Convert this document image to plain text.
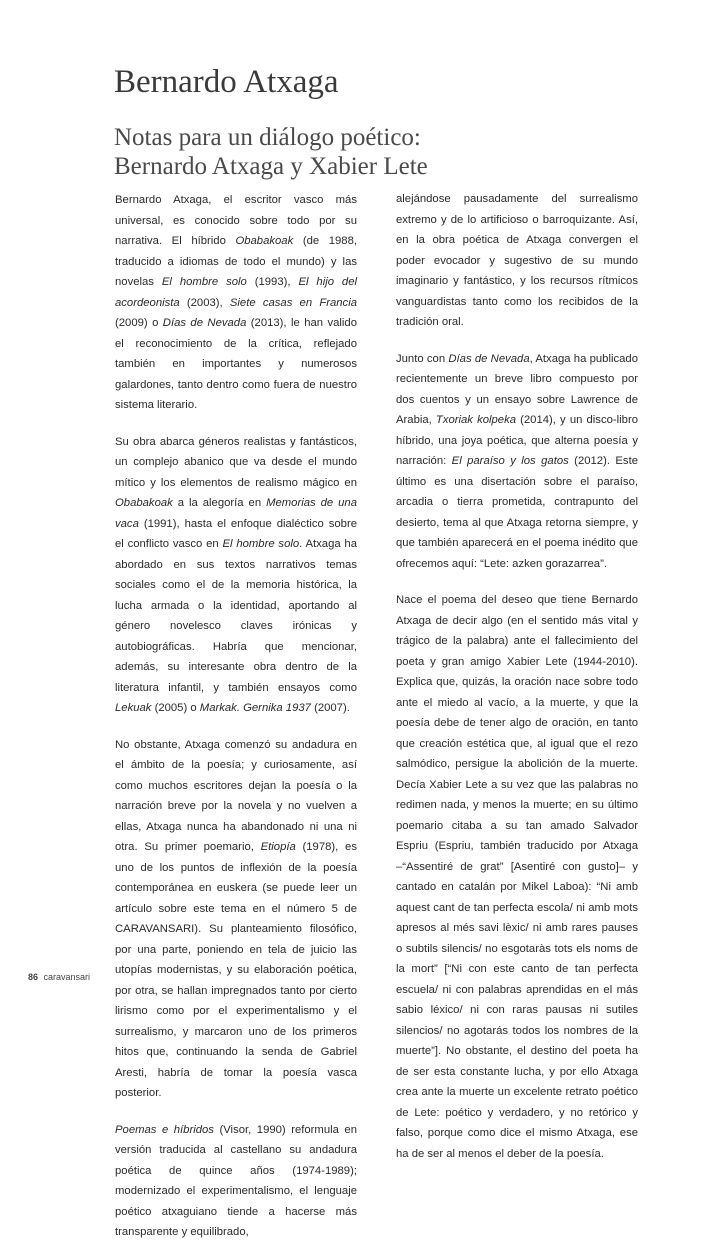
Bernardo Atxaga
Notas para un diálogo poético:
Bernardo Atxaga y Xabier Lete

Bernardo Atxaga, el escritor vasco más universal, es conocido sobre todo por su narrativa. El híbrido Obabakoak (de 1988, traducido a idiomas de todo el mundo) y las novelas El hombre solo (1993), El hijo del acordeonista (2003), Siete casas en Francia (2009) o Días de Nevada (2013), le han valido el reconocimiento de la crítica, reflejado también en importantes y numerosos galardones, tanto dentro como fuera de nuestro sistema literario.

Su obra abarca géneros realistas y fantásticos, un complejo abanico que va desde el mundo mítico y los elementos de realismo mágico en Obabakoak a la alegoría en Memorias de una vaca (1991), hasta el enfoque dialéctico sobre el conflicto vasco en El hombre solo. Atxaga ha abordado en sus textos narrativos temas sociales como el de la memoria histórica, la lucha armada o la identidad, aportando al género novelesco claves irónicas y autobiográficas. Habría que mencionar, además, su interesante obra dentro de la literatura infantil, y también ensayos como Lekuak (2005) o Markak. Gernika 1937 (2007).

No obstante, Atxaga comenzó su andadura en el ámbito de la poesía; y curiosamente, así como muchos escritores dejan la poesía o la narración breve por la novela y no vuelven a ellas, Atxaga nunca ha abandonado ni una ni otra. Su primer poemario, Etiopía (1978), es uno de los puntos de inflexión de la poesía contemporánea en euskera (se puede leer un artículo sobre este tema en el número 5 de CARAVANSARI). Su planteamiento filosófico, por una parte, poniendo en tela de juicio las utopías modernistas, y su elaboración poética, por otra, se hallan impregnados tanto por cierto lirismo como por el experimentalismo y el surrealismo, y marcaron uno de los primeros hitos que, continuando la senda de Gabriel Aresti, habría de tomar la poesía vasca posterior.

Poemas e híbridos (Visor, 1990) reformula en versión traducida al castellano su andadura poética de quince años (1974-1989); modernizado el experimentalismo, el lenguaje poético atxaguiano tiende a hacerse más transparente y equilibrado,

alejándose pausadamente del surrealismo extremo y de lo artificioso o barroquizante. Así, en la obra poética de Atxaga convergen el poder evocador y sugestivo de su mundo imaginario y fantástico, y los recursos rítmicos vanguardistas tanto como los recibidos de la tradición oral.

Junto con Días de Nevada, Atxaga ha publicado recientemente un breve libro compuesto por dos cuentos y un ensayo sobre Lawrence de Arabia, Txoriak kolpeka (2014), y un disco-libro híbrido, una joya poética, que alterna poesía y narración: El paraíso y los gatos (2012). Este último es una disertación sobre el paraíso, arcadia o tierra prometida, contrapunto del desierto, tema al que Atxaga retorna siempre, y que también aparecerá en el poema inédito que ofrecemos aquí: “Lete: azken gorazarrea”.

Nace el poema del deseo que tiene Bernardo Atxaga de decir algo (en el sentido más vital y trágico de la palabra) ante el fallecimiento del poeta y gran amigo Xabier Lete (1944-2010). Explica que, quizás, la oración nace sobre todo ante el miedo al vacío, a la muerte, y que la poesía debe de tener algo de oración, en tanto que creación estética que, al igual que el rezo salmódico, persigue la abolición de la muerte. Decía Xabier Lete a su vez que las palabras no redimen nada, y menos la muerte; en su último poemario citaba a su tan amado Salvador Espriu (Espriu, también traducido por Atxaga –“Assentiré de grat” [Asentiré con gusto]– y cantado en catalán por Mikel Laboa): “Ni amb aquest cant de tan perfecta escola/ ni amb mots apresos al més savi lèxic/ ni amb rares pauses o subtils silencis/ no esgotaràs tots els noms de la mort” [“Ni con este canto de tan perfecta escuela/ ni con palabras aprendidas en el más sabio léxico/ ni con raras pausas ni sutiles silencios/ no agotarás todos los nombres de la muerte”]. No obstante, el destino del poeta ha de ser esta constante lucha, y por ello Atxaga crea ante la muerte un excelente retrato poético de Lete: poético y verdadero, y no retórico y falso, porque como dice el mismo Atxaga, ese ha de ser al menos el deber de la poesía.

86 caravansari
